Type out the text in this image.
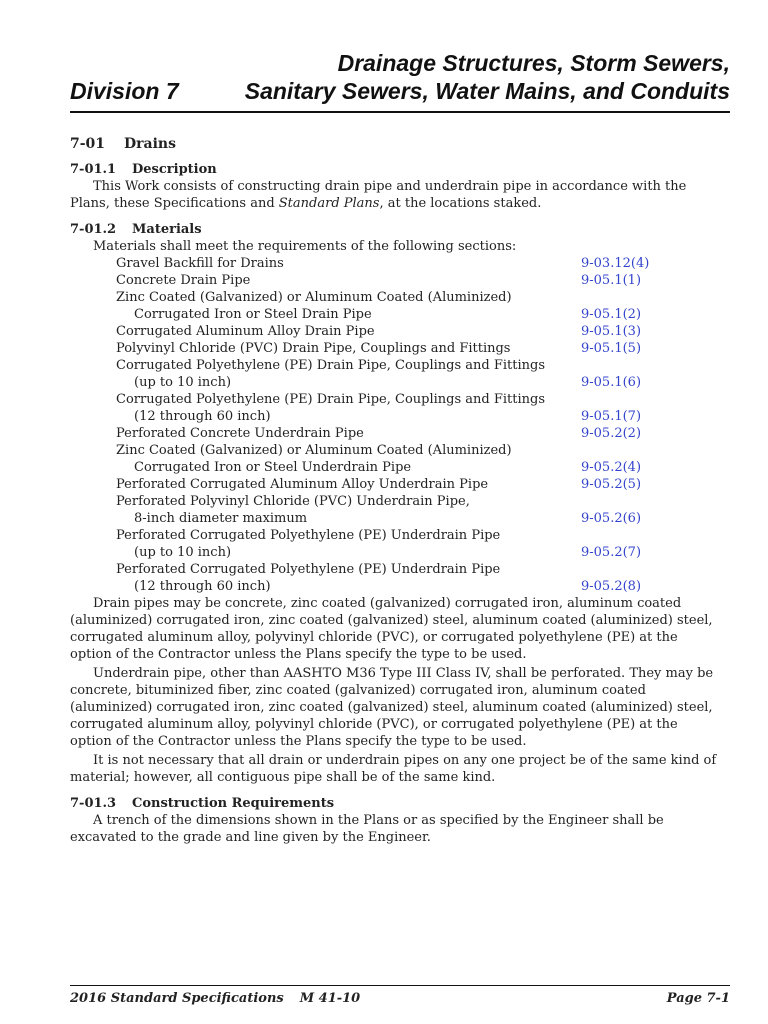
Drainage Structures, Storm Sewers,
Division 7	Sanitary Sewers, Water Mains, and Conduits
7-01 Drains
7-01.1 Description

This Work consists of constructing drain pipe and underdrain pipe in accordance with the Plans, these Specifications and Standard Plans, at the locations staked.

7-01.2 Materials

Materials shall meet the requirements of the following sections:

Gravel Backfill for Drains	9-03.12(4)
Concrete Drain Pipe	9-05.1(1)
Zinc Coated (Galvanized) or Aluminum Coated (Aluminized)
Corrugated Iron or Steel Drain Pipe	9-05.1(2)
Corrugated Aluminum Alloy Drain Pipe	9-05.1(3)
Polyvinyl Chloride (PVC) Drain Pipe, Couplings and Fittings	9-05.1(5)
Corrugated Polyethylene (PE) Drain Pipe, Couplings and Fittings
(up to 10 inch)	9-05.1(6)
Corrugated Polyethylene (PE) Drain Pipe, Couplings and Fittings
(12 through 60 inch)	9-05.1(7)
Perforated Concrete Underdrain Pipe	9-05.2(2)
Zinc Coated (Galvanized) or Aluminum Coated (Aluminized)
Corrugated Iron or Steel Underdrain Pipe	9-05.2(4)
Perforated Corrugated Aluminum Alloy Underdrain Pipe	9-05.2(5)
Perforated Polyvinyl Chloride (PVC) Underdrain Pipe,
8-inch diameter maximum	9-05.2(6)
Perforated Corrugated Polyethylene (PE) Underdrain Pipe
(up to 10 inch)	9-05.2(7)
Perforated Corrugated Polyethylene (PE) Underdrain Pipe
(12 through 60 inch)	9-05.2(8)

Drain pipes may be concrete, zinc coated (galvanized) corrugated iron, aluminum coated (aluminized) corrugated iron, zinc coated (galvanized) steel, aluminum coated (aluminized) steel, corrugated aluminum alloy, polyvinyl chloride (PVC), or corrugated polyethylene (PE) at the option of the Contractor unless the Plans specify the type to be used.

Underdrain pipe, other than AASHTO M36 Type III Class IV, shall be perforated. They may be concrete, bituminized fiber, zinc coated (galvanized) corrugated iron, aluminum coated (aluminized) corrugated iron, zinc coated (galvanized) steel, aluminum coated (aluminized) steel, corrugated aluminum alloy, polyvinyl chloride (PVC), or corrugated polyethylene (PE) at the option of the Contractor unless the Plans specify the type to be used.

It is not necessary that all drain or underdrain pipes on any one project be of the same kind of material; however, all contiguous pipe shall be of the same kind.

7-01.3 Construction Requirements

A trench of the dimensions shown in the Plans or as specified by the Engineer shall be excavated to the grade and line given by the Engineer.

2016 Standard Specifications M 41-10	Page 7-1
